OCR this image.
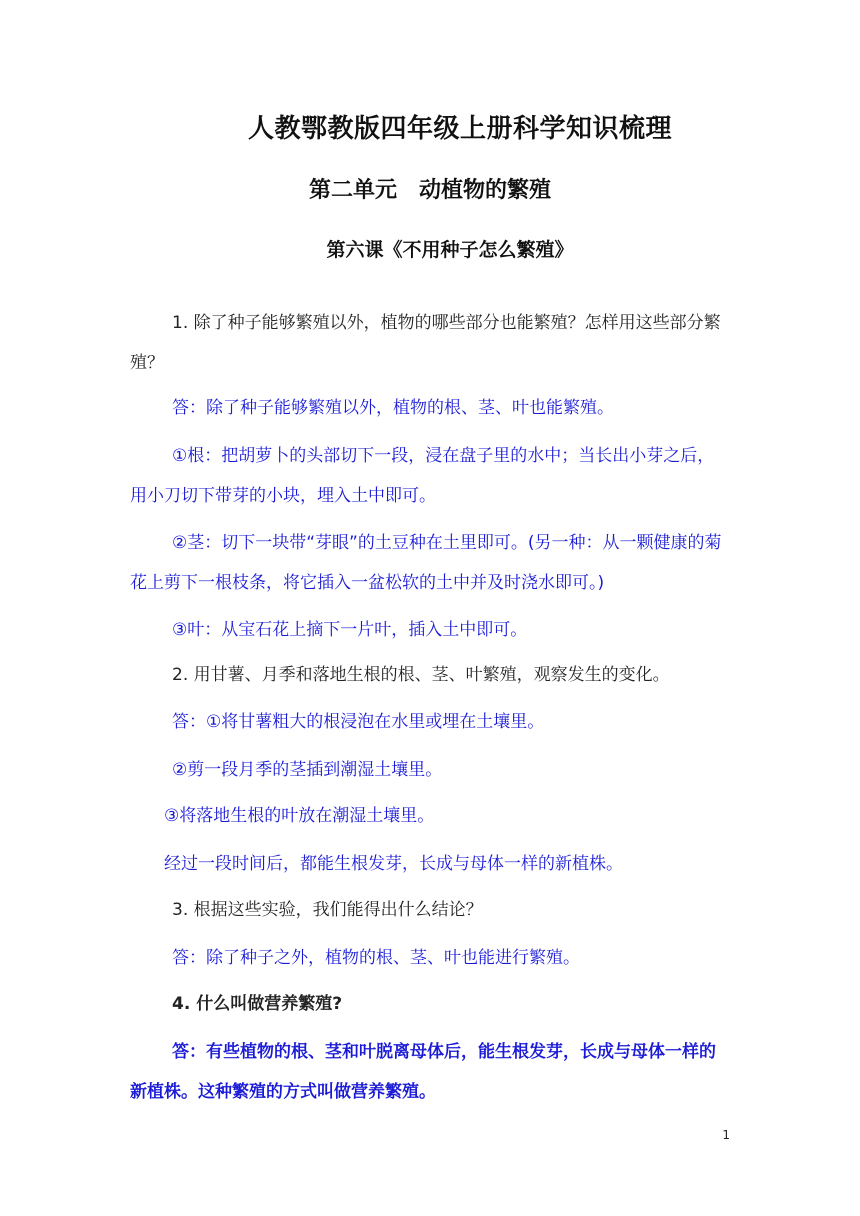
人教鄂教版四年级上册科学知识梳理
第二单元　动植物的繁殖
第六课《不用种子怎么繁殖》

1. 除了种子能够繁殖以外，植物的哪些部分也能繁殖？怎样用这些部分繁殖？

答：除了种子能够繁殖以外，植物的根、茎、叶也能繁殖。

①根：把胡萝卜的头部切下一段，浸在盘子里的水中；当长出小芽之后，用小刀切下带芽的小块，埋入土中即可。

②茎：切下一块带“芽眼”的土豆种在土里即可。(另一种：从一颗健康的菊花上剪下一根枝条，将它插入一盆松软的土中并及时浇水即可。)

③叶：从宝石花上摘下一片叶，插入土中即可。

2. 用甘薯、月季和落地生根的根、茎、叶繁殖，观察发生的变化。

答：①将甘薯粗大的根浸泡在水里或埋在土壤里。

②剪一段月季的茎插到潮湿土壤里。

③将落地生根的叶放在潮湿土壤里。

经过一段时间后，都能生根发芽，长成与母体一样的新植株。

3. 根据这些实验，我们能得出什么结论？

答：除了种子之外，植物的根、茎、叶也能进行繁殖。

4. 什么叫做营养繁殖?

答：有些植物的根、茎和叶脱离母体后，能生根发芽，长成与母体一样的新植株。这种繁殖的方式叫做营养繁殖。

1
